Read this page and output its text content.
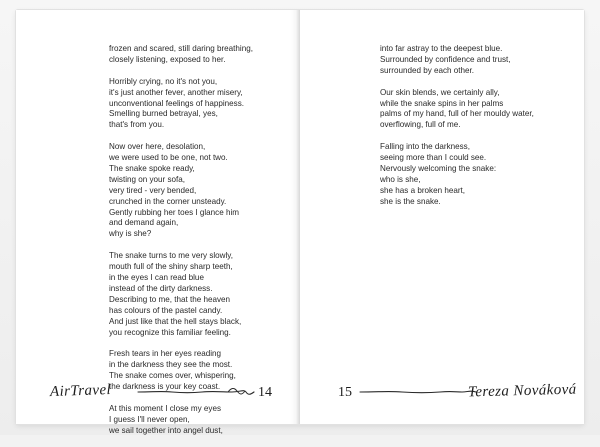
frozen and scared, still daring breathing,
closely listening, exposed to her.
Horribly crying, no it's not you,
it's just another fever, another misery,
unconventional feelings of happiness.
Smelling burned betrayal, yes,
that's from you.
Now over here, desolation,
we were used to be one, not two.
The snake spoke ready,
twisting on your sofa,
very tired - very bended,
crunched in the corner unsteady.
Gently rubbing her toes I glance him
and demand again,
why is she?
The snake turns to me very slowly,
mouth full of the shiny sharp teeth,
in the eyes I can read blue
instead of the dirty darkness.
Describing to me, that the heaven
has colours of the pastel candy.
And just like that the hell stays black,
you recognize this familiar feeling.
Fresh tears in her eyes reading
in the darkness they see the most.
The snake comes over, whispering,
the darkness is your key coast.
At this moment I close my eyes
I guess I'll never open,
we sail together into angel dust,
AirTravel	14
into far astray to the deepest blue.
Surrounded by confidence and trust,
surrounded by each other.
Our skin blends, we certainly ally,
while the snake spins in her palms
palms of my hand, full of her mouldy water,
overflowing, full of me.
Falling into the darkness,
seeing more than I could see.
Nervously welcoming the snake:
who is she,
she has a broken heart,
she is the snake.
15	Tereza Nováková
